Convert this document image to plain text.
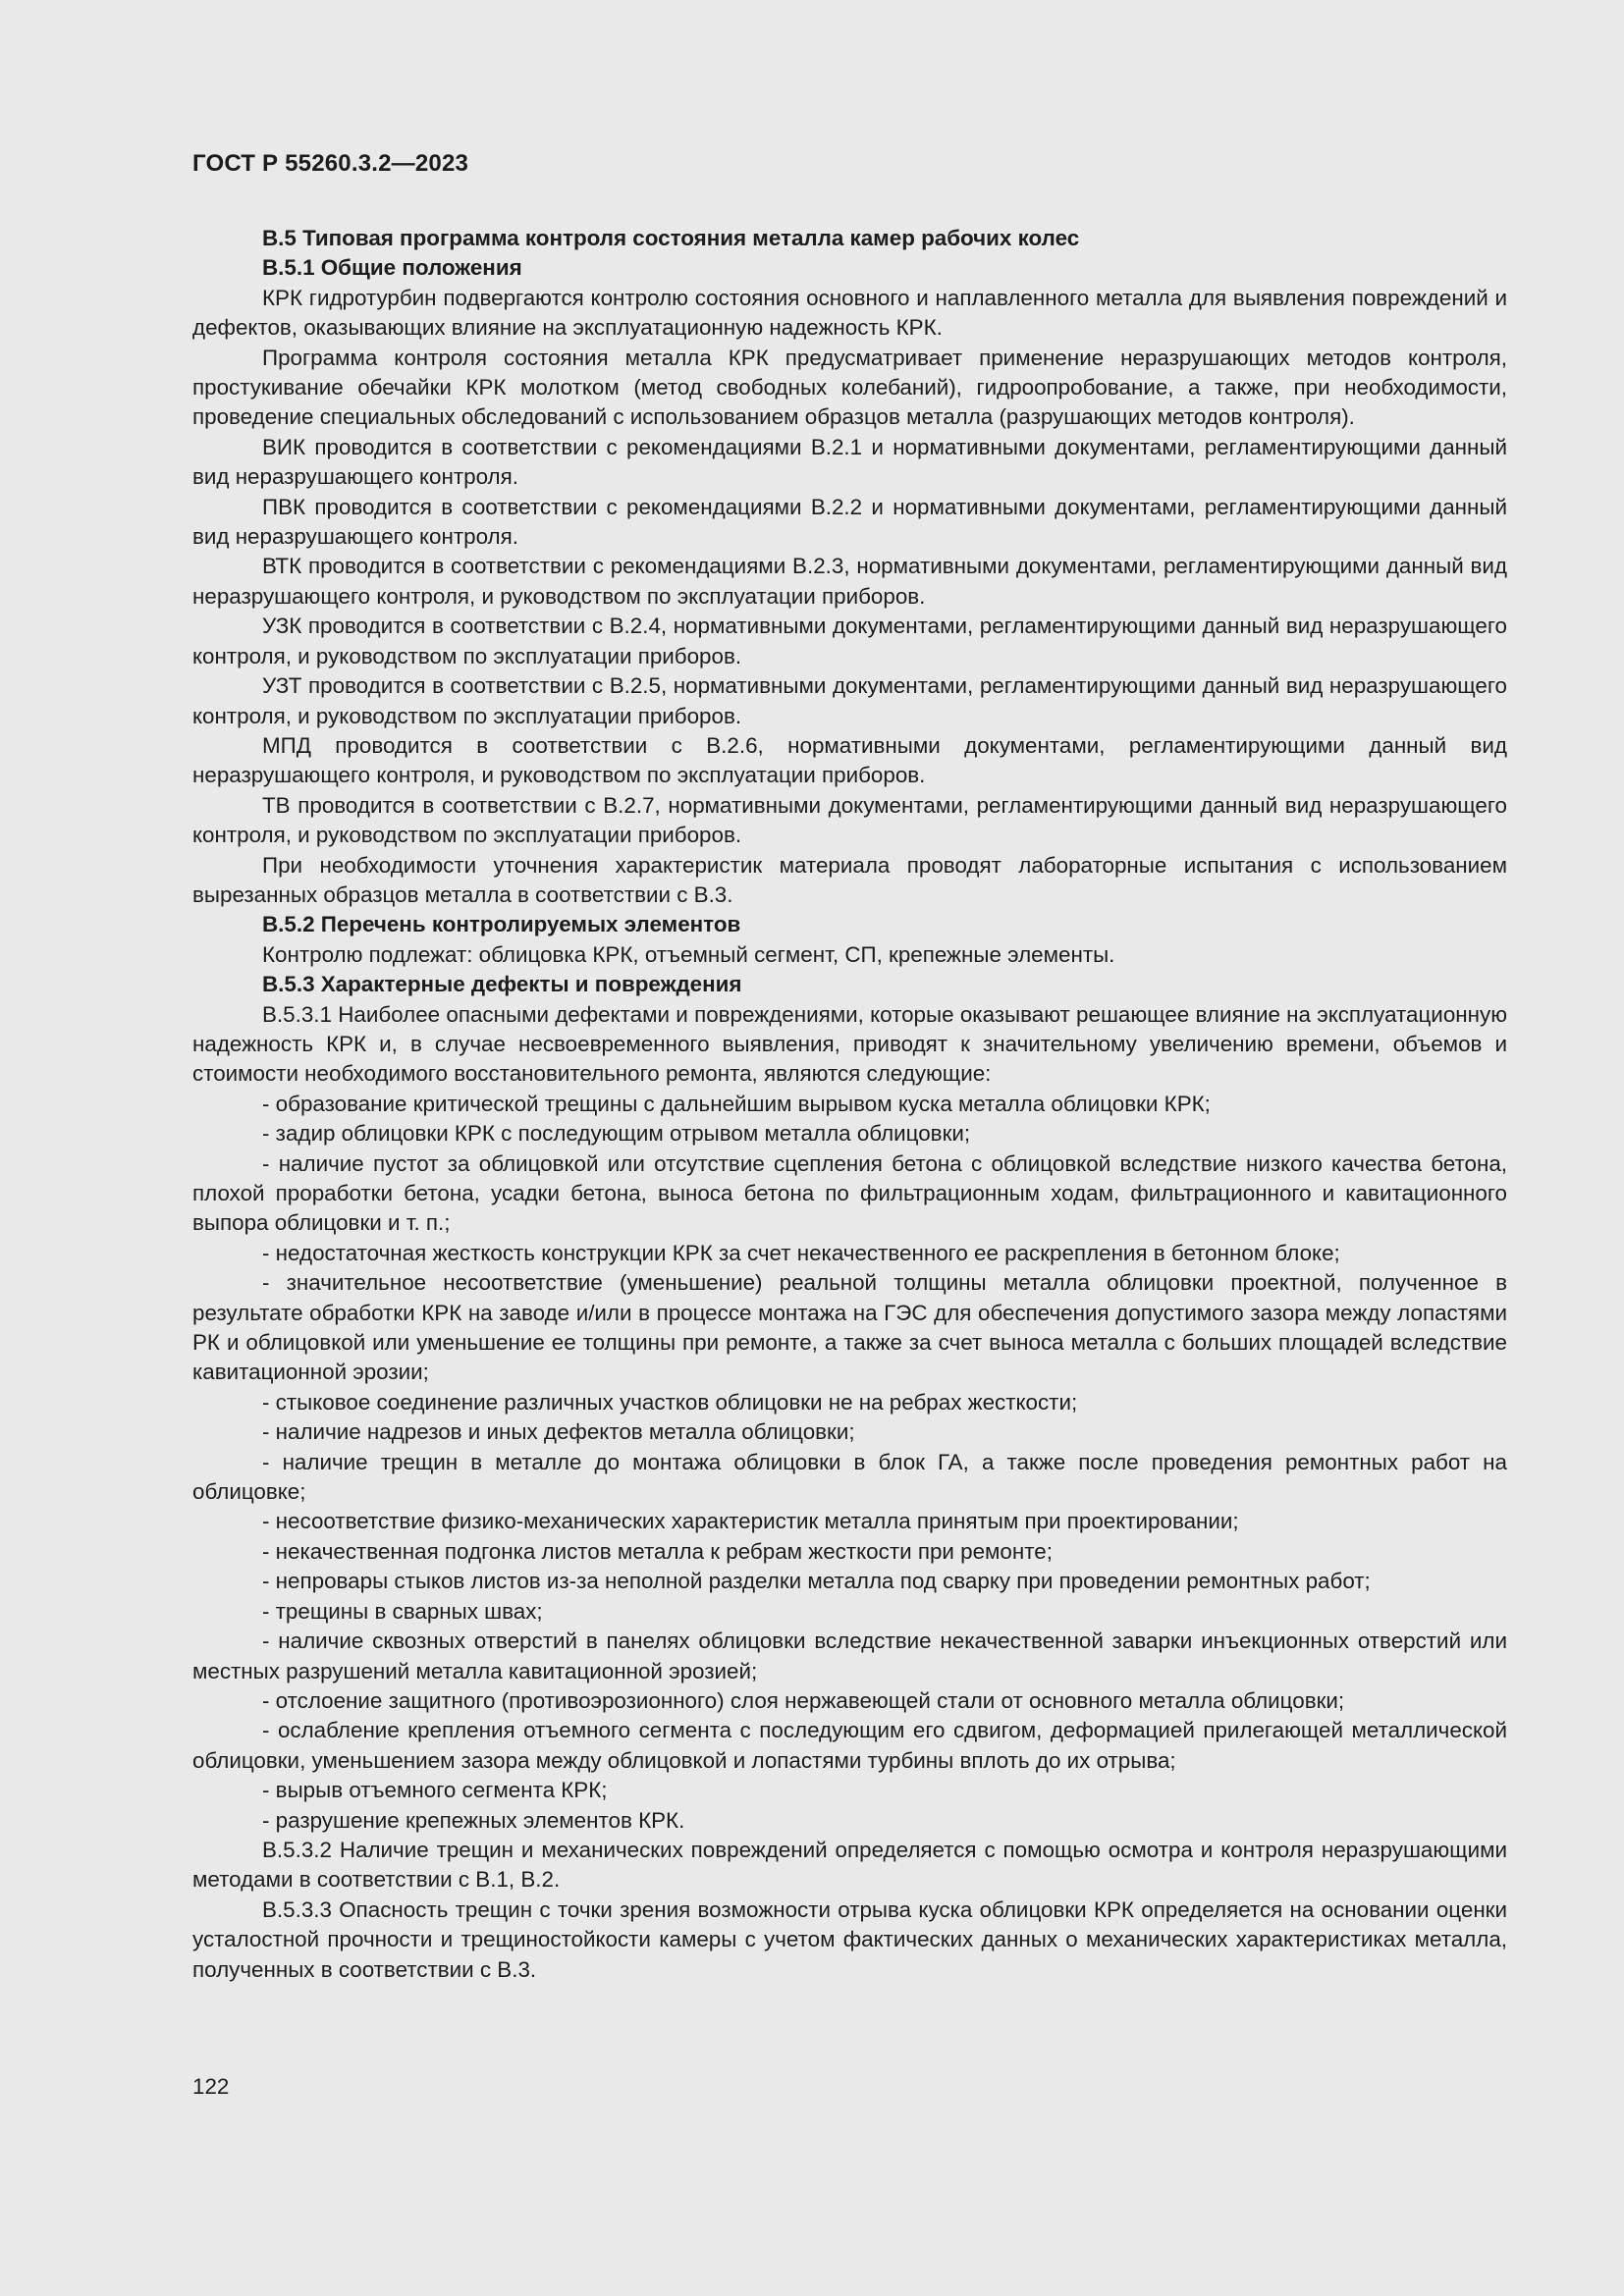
ГОСТ Р 55260.3.2—2023

В.5 Типовая программа контроля состояния металла камер рабочих колес

В.5.1 Общие положения

КРК гидротурбин подвергаются контролю состояния основного и наплавленного металла для выявления повреждений и дефектов, оказывающих влияние на эксплуатационную надежность КРК.

Программа контроля состояния металла КРК предусматривает применение неразрушающих методов контроля, простукивание обечайки КРК молотком (метод свободных колебаний), гидроопробование, а также, при необходимости, проведение специальных обследований с использованием образцов металла (разрушающих методов контроля).

ВИК проводится в соответствии с рекомендациями В.2.1 и нормативными документами, регламентирующими данный вид неразрушающего контроля.

ПВК проводится в соответствии с рекомендациями В.2.2 и нормативными документами, регламентирующими данный вид неразрушающего контроля.

ВТК проводится в соответствии с рекомендациями В.2.3, нормативными документами, регламентирующими данный вид неразрушающего контроля, и руководством по эксплуатации приборов.

УЗК проводится в соответствии с В.2.4, нормативными документами, регламентирующими данный вид неразрушающего контроля, и руководством по эксплуатации приборов.

УЗТ проводится в соответствии с В.2.5, нормативными документами, регламентирующими данный вид неразрушающего контроля, и руководством по эксплуатации приборов.

МПД проводится в соответствии с В.2.6, нормативными документами, регламентирующими данный вид неразрушающего контроля, и руководством по эксплуатации приборов.

ТВ проводится в соответствии с В.2.7, нормативными документами, регламентирующими данный вид неразрушающего контроля, и руководством по эксплуатации приборов.

При необходимости уточнения характеристик материала проводят лабораторные испытания с использованием вырезанных образцов металла в соответствии с В.3.

В.5.2 Перечень контролируемых элементов

Контролю подлежат: облицовка КРК, отъемный сегмент, СП, крепежные элементы.

В.5.3 Характерные дефекты и повреждения

В.5.3.1 Наиболее опасными дефектами и повреждениями, которые оказывают решающее влияние на эксплуатационную надежность КРК и, в случае несвоевременного выявления, приводят к значительному увеличению времени, объемов и стоимости необходимого восстановительного ремонта, являются следующие:

- образование критической трещины с дальнейшим вырывом куска металла облицовки КРК;

- задир облицовки КРК с последующим отрывом металла облицовки;

- наличие пустот за облицовкой или отсутствие сцепления бетона с облицовкой вследствие низкого качества бетона, плохой проработки бетона, усадки бетона, выноса бетона по фильтрационным ходам, фильтрационного и кавитационного выпора облицовки и т. п.;

- недостаточная жесткость конструкции КРК за счет некачественного ее раскрепления в бетонном блоке;

- значительное несоответствие (уменьшение) реальной толщины металла облицовки проектной, полученное в результате обработки КРК на заводе и/или в процессе монтажа на ГЭС для обеспечения допустимого зазора между лопастями РК и облицовкой или уменьшение ее толщины при ремонте, а также за счет выноса металла с больших площадей вследствие кавитационной эрозии;

- стыковое соединение различных участков облицовки не на ребрах жесткости;

- наличие надрезов и иных дефектов металла облицовки;

- наличие трещин в металле до монтажа облицовки в блок ГА, а также после проведения ремонтных работ на облицовке;

- несоответствие физико-механических характеристик металла принятым при проектировании;

- некачественная подгонка листов металла к ребрам жесткости при ремонте;

- непровары стыков листов из-за неполной разделки металла под сварку при проведении ремонтных работ;

- трещины в сварных швах;

- наличие сквозных отверстий в панелях облицовки вследствие некачественной заварки инъекционных отверстий или местных разрушений металла кавитационной эрозией;

- отслоение защитного (противоэрозионного) слоя нержавеющей стали от основного металла облицовки;

- ослабление крепления отъемного сегмента с последующим его сдвигом, деформацией прилегающей металлической облицовки, уменьшением зазора между облицовкой и лопастями турбины вплоть до их отрыва;

- вырыв отъемного сегмента КРК;

- разрушение крепежных элементов КРК.

В.5.3.2 Наличие трещин и механических повреждений определяется с помощью осмотра и контроля неразрушающими методами в соответствии с В.1, В.2.

В.5.3.3 Опасность трещин с точки зрения возможности отрыва куска облицовки КРК определяется на основании оценки усталостной прочности и трещиностойкости камеры с учетом фактических данных о механических характеристиках металла, полученных в соответствии с В.3.

122
